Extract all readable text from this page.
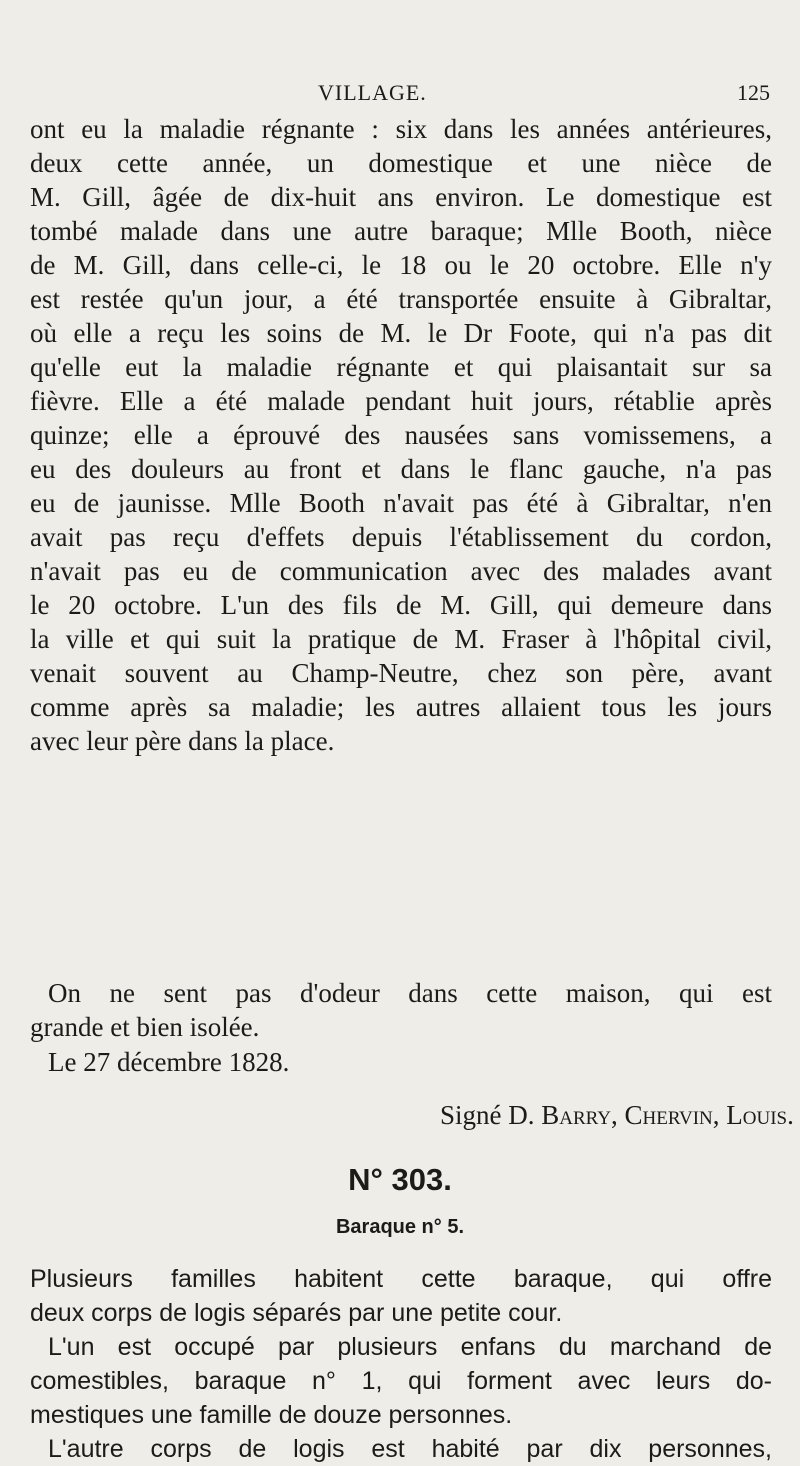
VILLAGE.	125
ont eu la maladie régnante : six dans les années antérieures,
deux cette année, un domestique et une nièce de
M. Gill, âgée de dix-huit ans environ. Le domestique est
tombé malade dans une autre baraque; Mlle Booth, nièce
de M. Gill, dans celle-ci, le 18 ou le 20 octobre. Elle n'y
est restée qu'un jour, a été transportée ensuite à Gibraltar,
où elle a reçu les soins de M. le Dr Foote, qui n'a pas dit
qu'elle eut la maladie régnante et qui plaisantait sur sa
fièvre. Elle a été malade pendant huit jours, rétablie après
quinze; elle a éprouvé des nausées sans vomissemens, a
eu des douleurs au front et dans le flanc gauche, n'a pas
eu de jaunisse. Mlle Booth n'avait pas été à Gibraltar, n'en
avait pas reçu d'effets depuis l'établissement du cordon,
n'avait pas eu de communication avec des malades avant
le 20 octobre. L'un des fils de M. Gill, qui demeure dans
la ville et qui suit la pratique de M. Fraser à l'hôpital civil,
venait souvent au Champ-Neutre, chez son père, avant
comme après sa maladie; les autres allaient tous les jours
avec leur père dans la place.
On ne sent pas d'odeur dans cette maison, qui est
grande et bien isolée.
Le 27 décembre 1828.
Signé D. Barry, Chervin, Louis.
N° 303.
Baraque n° 5.
Plusieurs familles habitent cette baraque, qui offre
deux corps de logis séparés par une petite cour.
L'un est occupé par plusieurs enfans du marchand de
comestibles, baraque n° 1, qui forment avec leurs do-
mestiques une famille de douze personnes.
L'autre corps de logis est habité par dix personnes,
